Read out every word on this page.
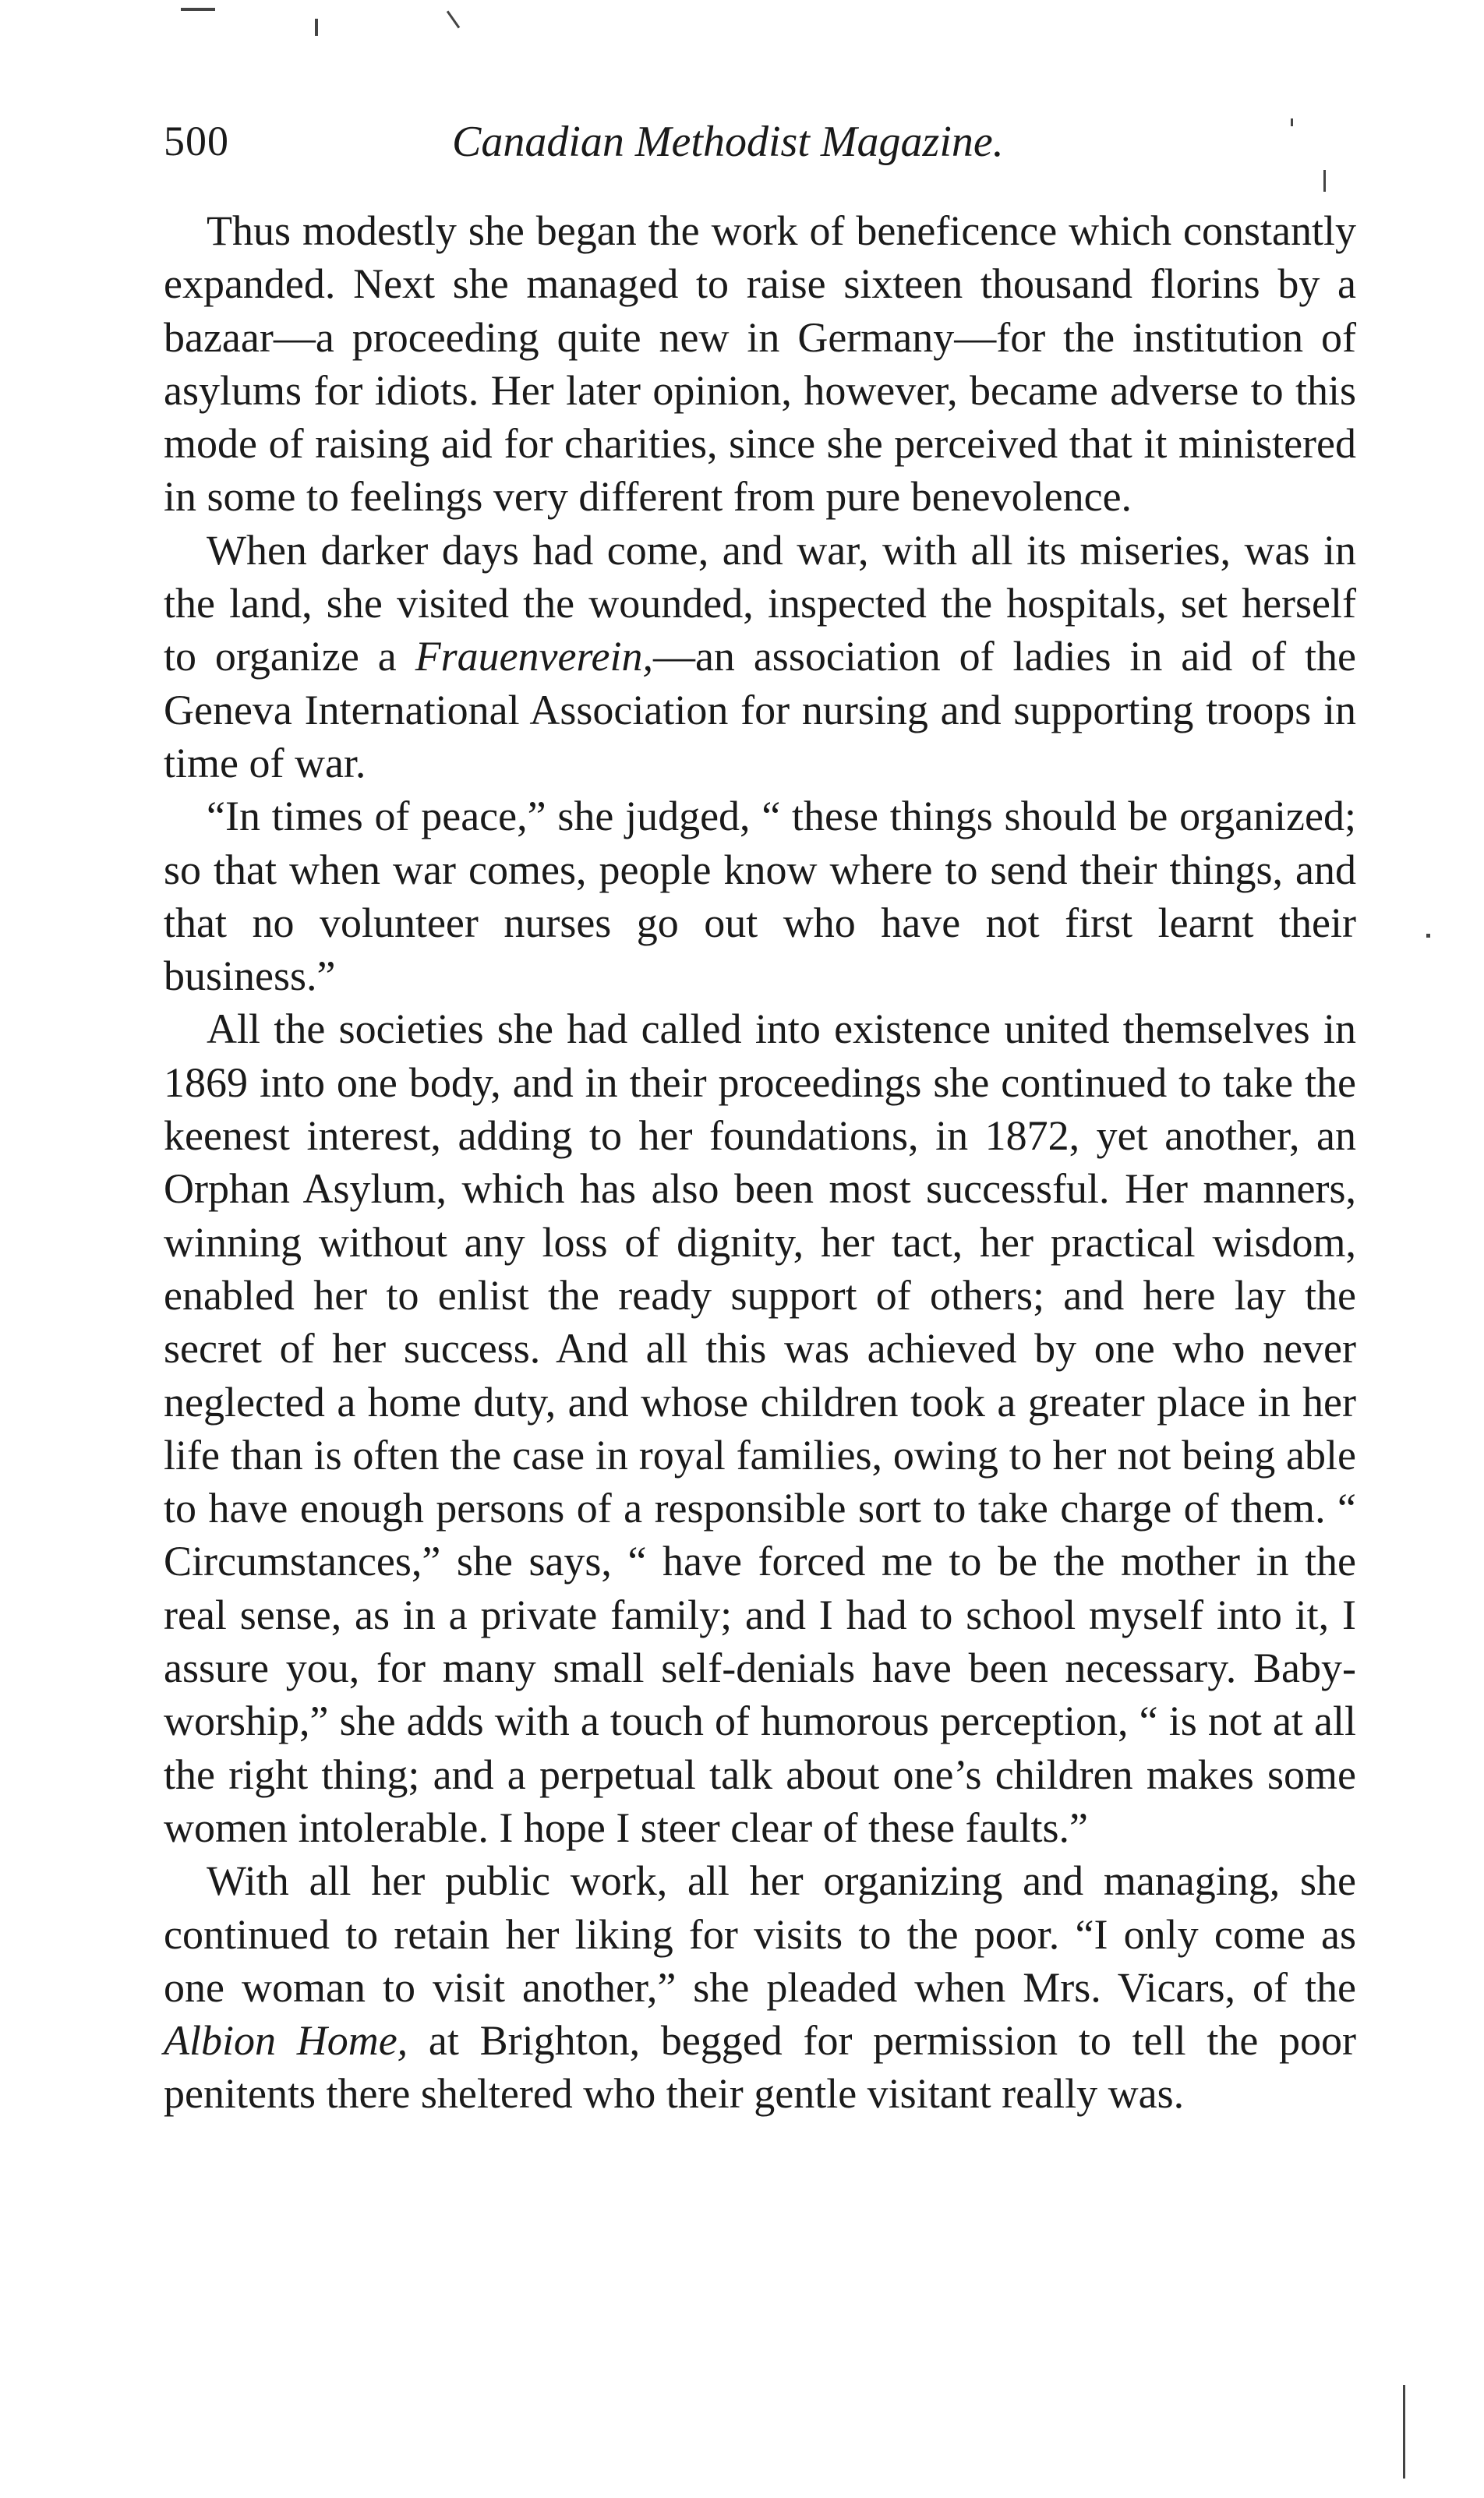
500	Canadian Methodist Magazine.

Thus modestly she began the work of beneficence which constantly expanded. Next she managed to raise sixteen thousand florins by a bazaar—a proceeding quite new in Germany—for the institution of asylums for idiots. Her later opinion, however, became adverse to this mode of raising aid for charities, since she perceived that it ministered in some to feelings very different from pure benevolence.

When darker days had come, and war, with all its miseries, was in the land, she visited the wounded, inspected the hospitals, set herself to organize a Frauenverein,—an association of ladies in aid of the Geneva International Association for nursing and supporting troops in time of war.

“In times of peace,” she judged, “ these things should be organized; so that when war comes, people know where to send their things, and that no volunteer nurses go out who have not first learnt their business.”

All the societies she had called into existence united themselves in 1869 into one body, and in their proceedings she continued to take the keenest interest, adding to her foundations, in 1872, yet another, an Orphan Asylum, which has also been most successful. Her manners, winning without any loss of dignity, her tact, her practical wisdom, enabled her to enlist the ready support of others; and here lay the secret of her success. And all this was achieved by one who never neglected a home duty, and whose children took a greater place in her life than is often the case in royal families, owing to her not being able to have enough persons of a responsible sort to take charge of them. “ Circumstances,” she says, “ have forced me to be the mother in the real sense, as in a private family; and I had to school myself into it, I assure you, for many small self-denials have been necessary. Baby-worship,” she adds with a touch of humorous perception, “ is not at all the right thing; and a perpetual talk about one’s children makes some women intolerable. I hope I steer clear of these faults.”

With all her public work, all her organizing and managing, she continued to retain her liking for visits to the poor. “I only come as one woman to visit another,” she pleaded when Mrs. Vicars, of the Albion Home, at Brighton, begged for permission to tell the poor penitents there sheltered who their gentle visitant really was.
